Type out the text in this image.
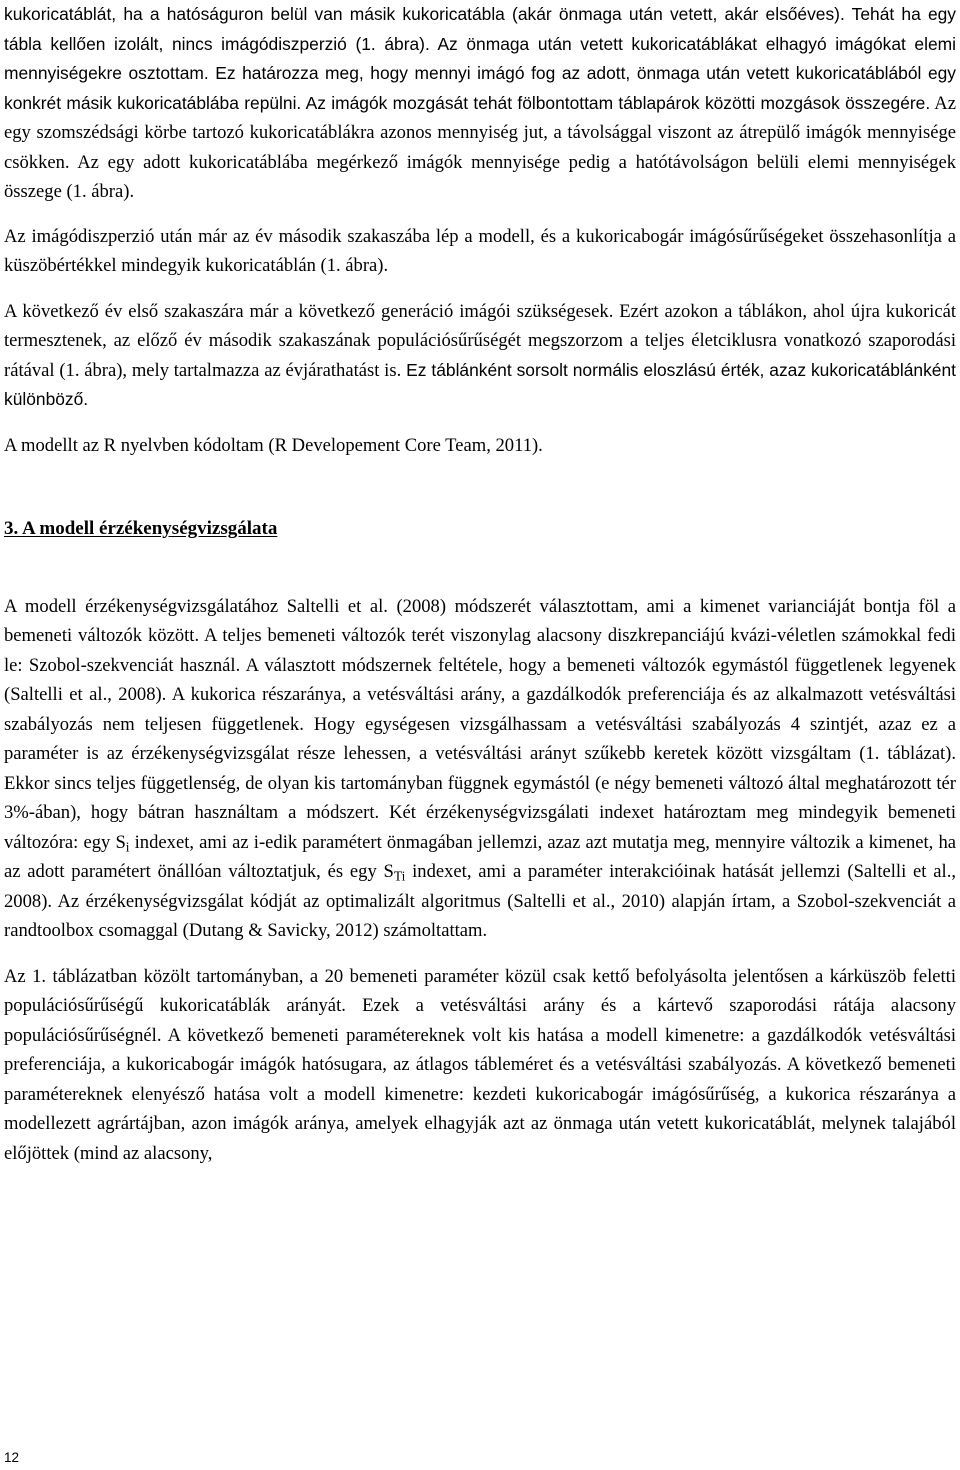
kukoricatáblát, ha a hatóságuron belül van másik kukoricatábla (akár önmaga után vetett, akár elsőéves). Tehát ha egy tábla kellően izolált, nincs imágódiszperzió (1. ábra). Az önmaga után vetett kukoricatáblákat elhagyó imágókat elemi mennyiségekre osztottam. Ez határozza meg, hogy mennyi imágó fog az adott, önmaga után vetett kukoricatáblából egy konkrét másik kukoricatáblába repülni. Az imágók mozgását tehát fölbontottam táblapárok közötti mozgások összegére. Az egy szomszédsági körbe tartozó kukoricatáblákra azonos mennyiség jut, a távolsággal viszont az átrepülő imágók mennyisége csökken. Az egy adott kukoricatáblába megérkező imágók mennyisége pedig a hatótávolságon belüli elemi mennyiségek összege (1. ábra).

Az imágódiszperzió után már az év második szakaszába lép a modell, és a kukoricabogár imágósűrűségeket összehasonlítja a küszöbértékkel mindegyik kukoricatáblán (1. ábra).

A következő év első szakaszára már a következő generáció imágói szükségesek. Ezért azokon a táblákon, ahol újra kukoricát termesztenek, az előző év második szakaszának populációsűrűségét megszorzom a teljes életciklusra vonatkozó szaporodási rátával (1. ábra), mely tartalmazza az évjárathatást is. Ez táblánként sorsolt normális eloszlású érték, azaz kukoricatáblánként különböző.

A modellt az R nyelvben kódoltam (R Developement Core Team, 2011).

3. A modell érzékenységvizsgálata

A modell érzékenységvizsgálatához Saltelli et al. (2008) módszerét választottam, ami a kimenet varianciáját bontja föl a bemeneti változók között. A teljes bemeneti változók terét viszonylag alacsony diszkrepanciájú kvázi-véletlen számokkal fedi le: Szobol-szekvenciát használ. A választott módszernek feltétele, hogy a bemeneti változók egymástól függetlenek legyenek (Saltelli et al., 2008). A kukorica részaránya, a vetésváltási arány, a gazdálkodók preferenciája és az alkalmazott vetésváltási szabályozás nem teljesen függetlenek. Hogy egységesen vizsgálhassam a vetésváltási szabályozás 4 szintjét, azaz ez a paraméter is az érzékenységvizsgálat része lehessen, a vetésváltási arányt szűkebb keretek között vizsgáltam (1. táblázat). Ekkor sincs teljes függetlenség, de olyan kis tartományban függnek egymástól (e négy bemeneti változó által meghatározott tér 3%-ában), hogy bátran használtam a módszert. Két érzékenységvizsgálati indexet határoztam meg mindegyik bemeneti változóra: egy $S_i$ indexet, ami az i-edik paramétert önmagában jellemzi, azaz azt mutatja meg, mennyire változik a kimenet, ha az adott paramétert önállóan változtatjuk, és egy $S_{Ti}$ indexet, ami a paraméter interakcióinak hatását jellemzi (Saltelli et al., 2008). Az érzékenységvizsgálat kódját az optimalizált algoritmus (Saltelli et al., 2010) alapján írtam, a Szobol-szekvenciát a randtoolbox csomaggal (Dutang & Savicky, 2012) számoltattam.

Az 1. táblázatban közölt tartományban, a 20 bemeneti paraméter közül csak kettő befolyásolta jelentősen a kárküszöb feletti populációsűrűségű kukoricatáblák arányát. Ezek a vetésváltási arány és a kártevő szaporodási rátája alacsony populációsűrűségnél. A következő bemeneti paramétereknek volt kis hatása a modell kimenetre: a gazdálkodók vetésváltási preferenciája, a kukoricabogár imágók hatósugara, az átlagos tábleméret és a vetésváltási szabályozás. A következő bemeneti paramétereknek elenyésző hatása volt a modell kimenetre: kezdeti kukoricabogár imágósűrűség, a kukorica részaránya a modellezett agrártájban, azon imágók aránya, amelyek elhagyják azt az önmaga után vetett kukoricatáblát, melynek talajából előjöttek (mind az alacsony,

12
